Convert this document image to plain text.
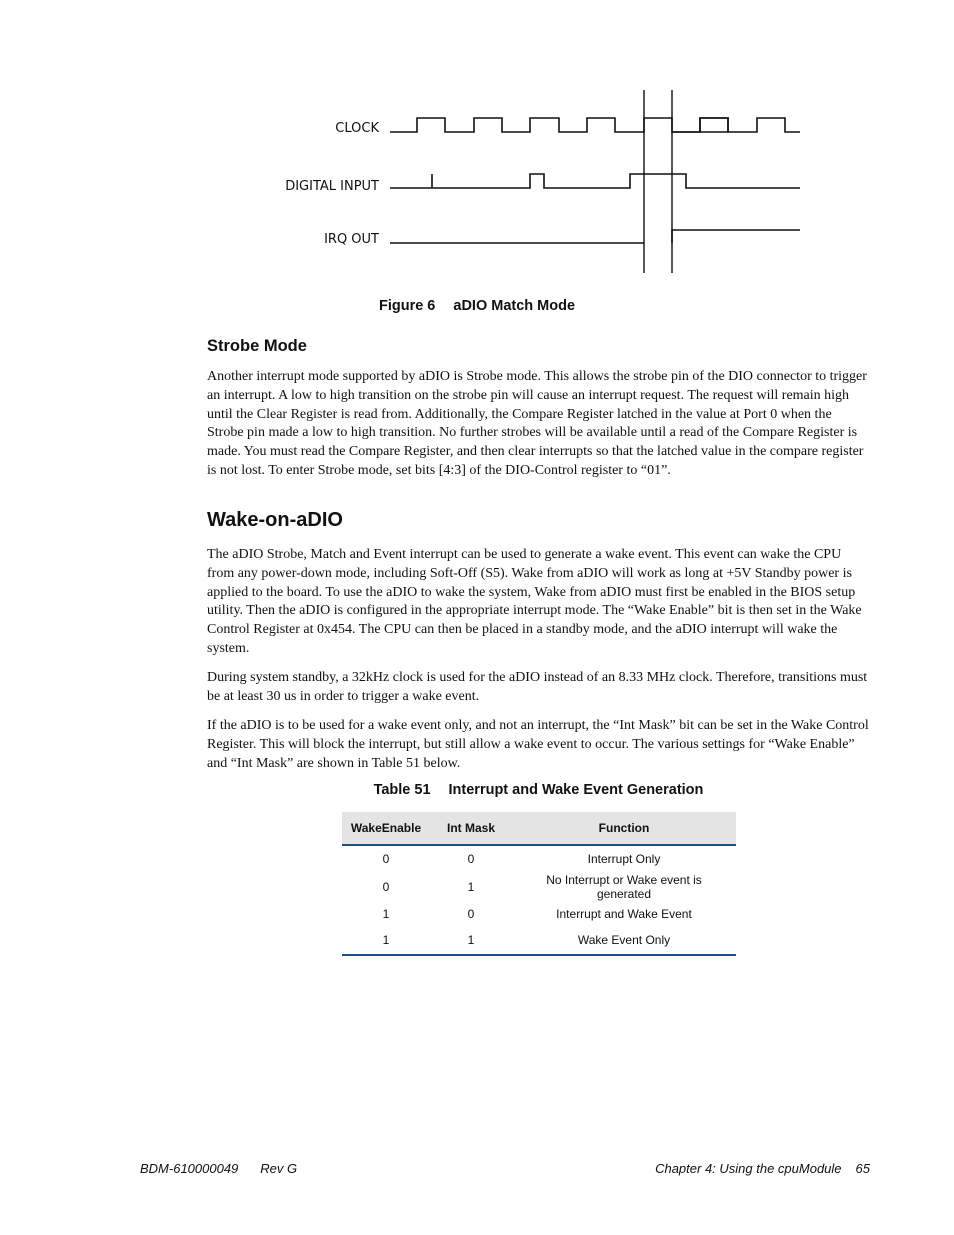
CLOCK
DIGITAL INPUT
IRQ OUT
Figure 6 aDIO Match Mode
Strobe Mode

Another interrupt mode supported by aDIO is Strobe mode. This allows the strobe pin of the DIO connector to trigger an interrupt. A low to high transition on the strobe pin will cause an interrupt request. The request will remain high until the Clear Register is read from. Additionally, the Compare Register latched in the value at Port 0 when the Strobe pin made a low to high transition. No further strobes will be available until a read of the Compare Register is made. You must read the Compare Register, and then clear interrupts so that the latched value in the compare register is not lost. To enter Strobe mode, set bits [4:3] of the DIO-Control register to “01”.

Wake-on-aDIO

The aDIO Strobe, Match and Event interrupt can be used to generate a wake event. This event can wake the CPU from any power-down mode, including Soft-Off (S5). Wake from aDIO will work as long at +5V Standby power is applied to the board. To use the aDIO to wake the system, Wake from aDIO must first be enabled in the BIOS setup utility. Then the aDIO is configured in the appropriate interrupt mode. The “Wake Enable” bit is then set in the Wake Control Register at 0x454. The CPU can then be placed in a standby mode, and the aDIO interrupt will wake the system.

During system standby, a 32kHz clock is used for the aDIO instead of an 8.33 MHz clock. Therefore, transitions must be at least 30 us in order to trigger a wake event.

If the aDIO is to be used for a wake event only, and not an interrupt, the “Int Mask” bit can be set in the Wake Control Register. This will block the interrupt, but still allow a wake event to occur. The various settings for “Wake Enable” and “Int Mask” are shown in Table 51 below.

Table 51 Interrupt and Wake Event Generation
WakeEnable	Int Mask	Function
0	0	Interrupt Only
0	1	No Interrupt or Wake event is generated
1	0	Interrupt and Wake Event
1	1	Wake Event Only
BDM-610000049 Rev G	Chapter 4: Using the cpuModule 65
